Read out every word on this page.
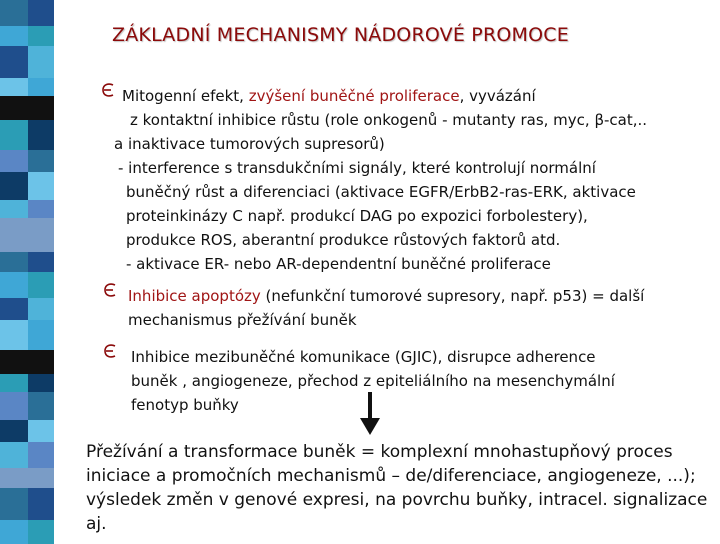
ZÁKLADNÍ MECHANISMY NÁDOROVÉ PROMOCE
Mitogenní efekt, zvýšení buněčné proliferace, vyvázání
z kontaktní inhibice růstu (role onkogenů - mutanty ras, myc, β-cat,..
a inaktivace tumorových supresorů)
- interference s transdukčními signály, které kontrolují normální
buněčný růst a diferenciaci (aktivace EGFR/ErbB2-ras-ERK, aktivace
proteinkinázy C např. produkcí DAG po expozici forbolestery),
produkce ROS, aberantní produkce růstových faktorů atd.
- aktivace ER- nebo AR-dependentní buněčné proliferace
Inhibice apoptózy (nefunkční tumorové supresory, např. p53) = další
mechanismus přežívání buněk
Inhibice mezibuněčné komunikace (GJIC), disrupce adherence
buněk , angiogeneze, přechod z epiteliálního na mesenchymální
fenotyp buňky
Přežívání a transformace buněk = komplexní mnohastupňový proces iniciace a promočních mechanismů – de/diferenciace, angiogeneze, ...); výsledek změn v genové expresi, na povrchu buňky, intracel. signalizace aj.
